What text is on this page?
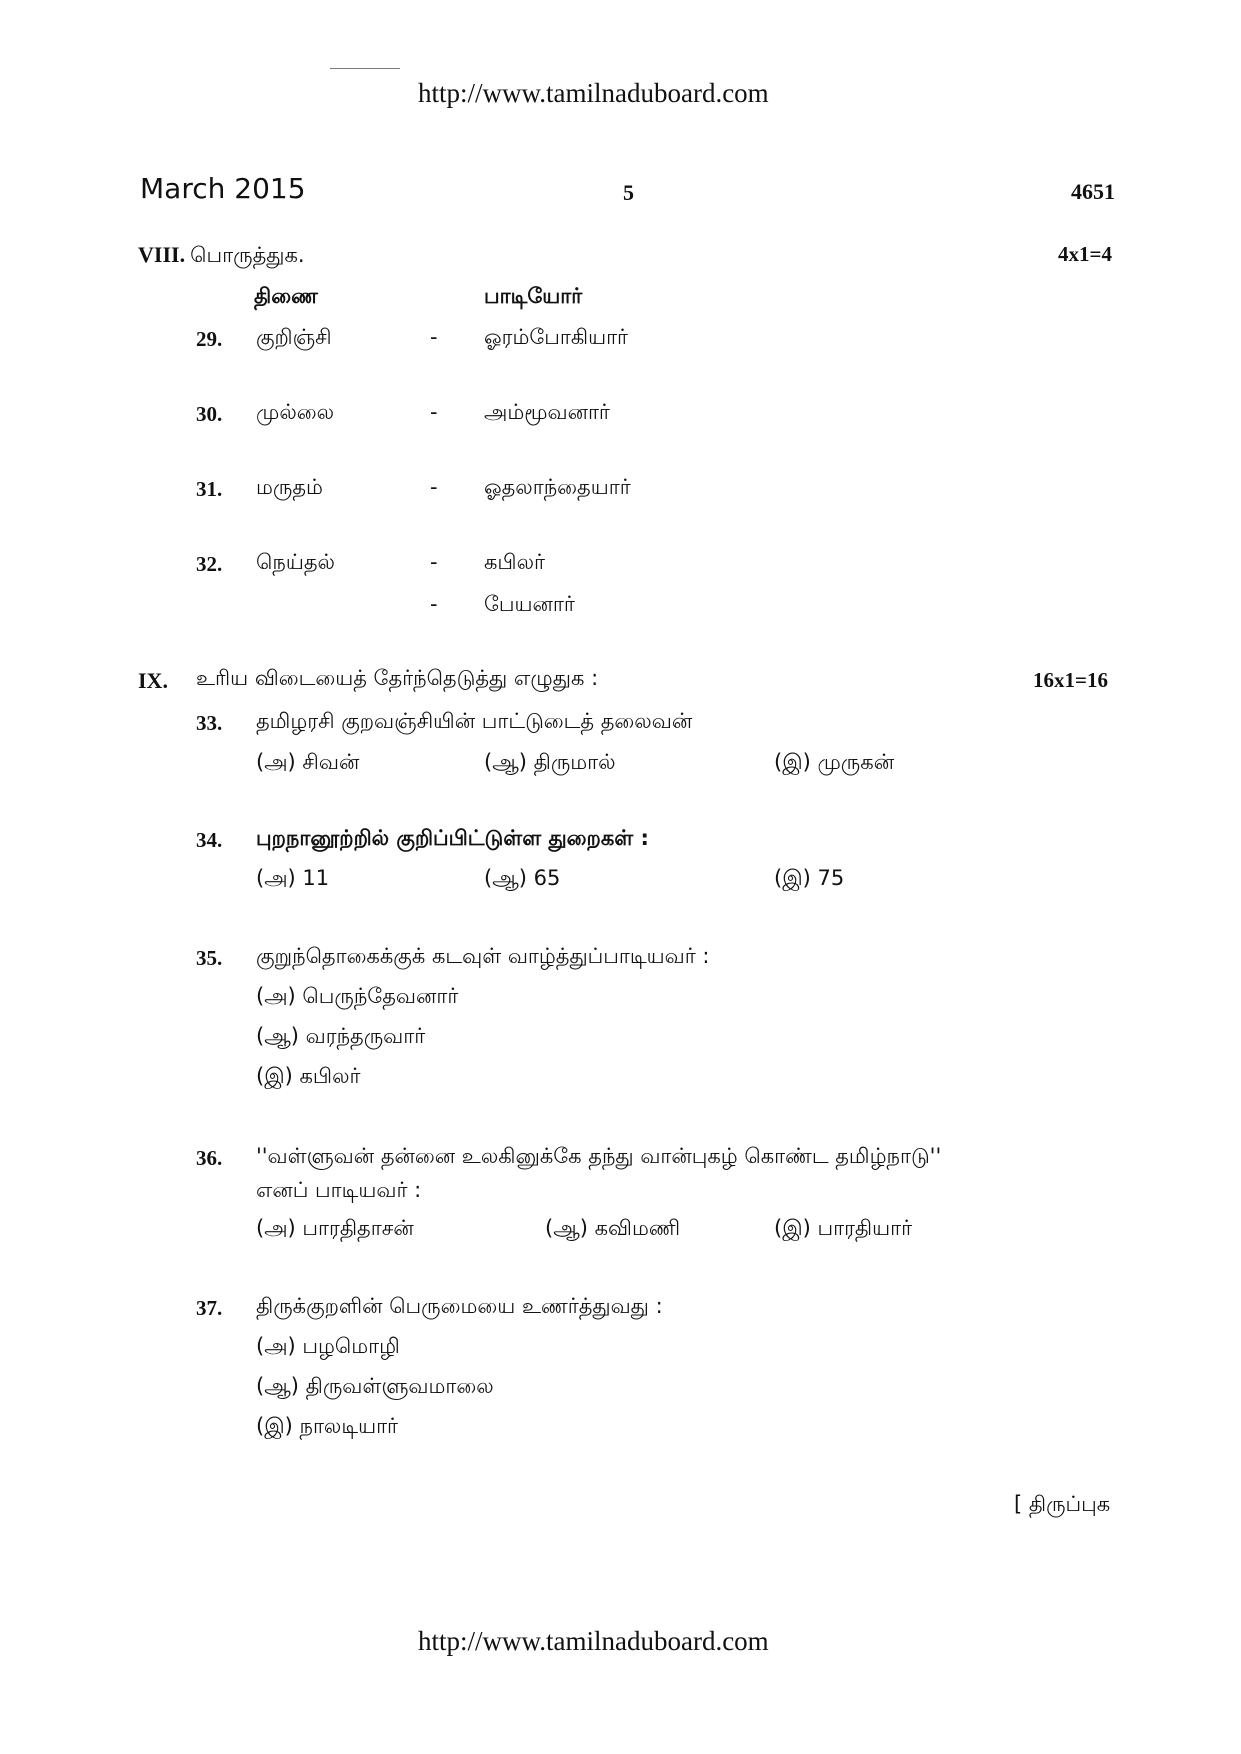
http://www.tamilnaduboard.com
March 2015	5	4651
VIII. பொருத்துக.	4x1=4
திணை	பாடியோர்
29. குறிஞ்சி	- ஓரம்போகியார்
30. முல்லை	- அம்மூவனார்
31. மருதம்	- ஓதலாந்தையார்
32. நெய்தல்	- கபிலர்
- பேயனார்
IX. உரிய விடையைத் தேர்ந்தெடுத்து எழுதுக :	16x1=16
33. தமிழரசி குறவஞ்சியின் பாட்டுடைத் தலைவன்
(அ) சிவன்	(ஆ) திருமால்	(இ) முருகன்
34. புறநானூற்றில் குறிப்பிட்டுள்ள துறைகள் :
(அ) 11	(ஆ) 65	(இ) 75
35. குறுந்தொகைக்குக் கடவுள் வாழ்த்துப்பாடியவர் :
(அ) பெருந்தேவனார்
(ஆ) வரந்தருவார்
(இ) கபிலர்
36. ''வள்ளுவன் தன்னை உலகினுக்கே தந்து வான்புகழ் கொண்ட தமிழ்நாடு''
எனப் பாடியவர் :
(அ) பாரதிதாசன்	(ஆ) கவிமணி	(இ) பாரதியார்
37. திருக்குறளின் பெருமையை உணர்த்துவது :
(அ) பழமொழி
(ஆ) திருவள்ளுவமாலை
(இ) நாலடியார்
[ திருப்புக
http://www.tamilnaduboard.com
